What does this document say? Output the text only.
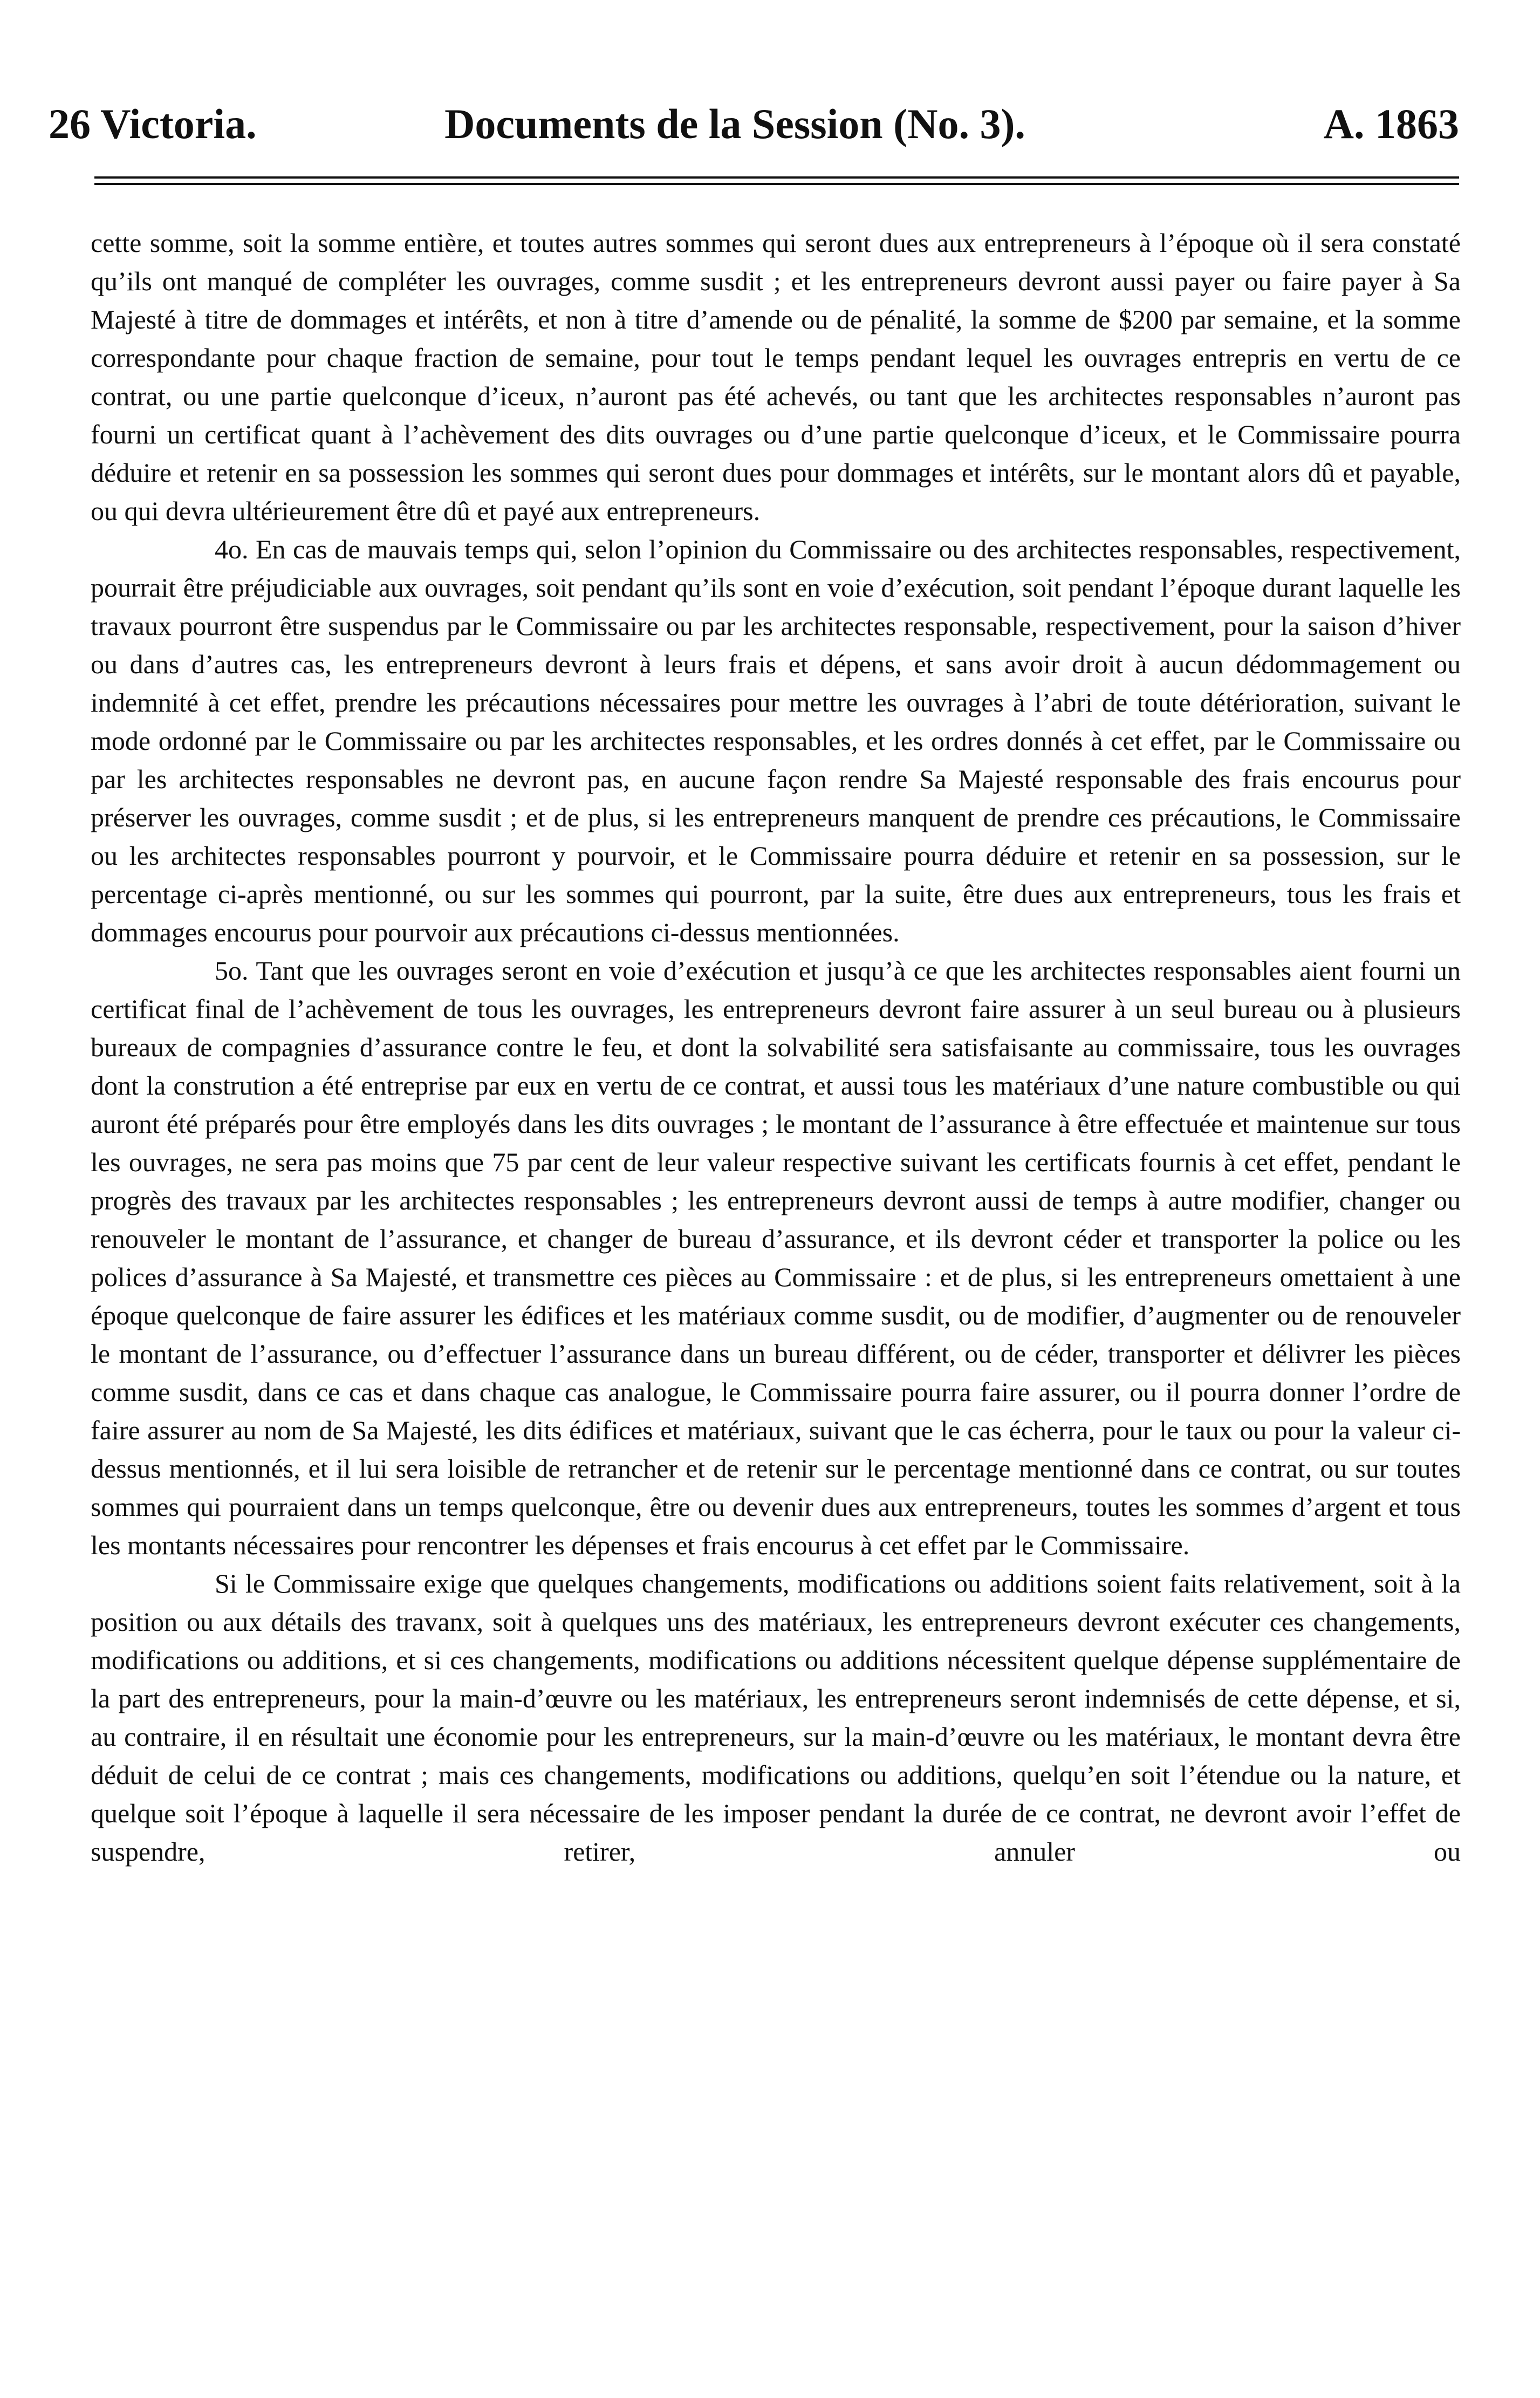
26 Victoria.	Documents de la Session (No. 3).	A. 1863

cette somme, soit la somme entière, et toutes autres sommes qui seront dues aux entrepreneurs à l’époque où il sera constaté qu’ils ont manqué de compléter les ouvrages, comme susdit ; et les entrepreneurs devront aussi payer ou faire payer à Sa Majesté à titre de dommages et intérêts, et non à titre d’amende ou de pénalité, la somme de $200 par semaine, et la somme correspondante pour chaque fraction de semaine, pour tout le temps pendant lequel les ouvrages entrepris en vertu de ce contrat, ou une partie quelconque d’iceux, n’auront pas été achevés, ou tant que les architectes responsables n’auront pas fourni un certificat quant à l’achèvement des dits ouvrages ou d’une partie quelconque d’iceux, et le Commissaire pourra déduire et retenir en sa possession les sommes qui seront dues pour dommages et intérêts, sur le montant alors dû et payable, ou qui devra ultérieurement être dû et payé aux entrepreneurs.

4o. En cas de mauvais temps qui, selon l’opinion du Commissaire ou des architectes responsables, respectivement, pourrait être préjudiciable aux ouvrages, soit pendant qu’ils sont en voie d’exécution, soit pendant l’époque durant laquelle les travaux pourront être suspendus par le Commissaire ou par les architectes responsable, respectivement, pour la saison d’hiver ou dans d’autres cas, les entrepreneurs devront à leurs frais et dépens, et sans avoir droit à aucun dédommagement ou indemnité à cet effet, prendre les précautions nécessaires pour mettre les ouvrages à l’abri de toute détérioration, suivant le mode ordonné par le Commissaire ou par les architectes responsables, et les ordres donnés à cet effet, par le Commissaire ou par les architectes responsables ne devront pas, en aucune façon rendre Sa Majesté responsable des frais encourus pour préserver les ouvrages, comme susdit ; et de plus, si les entrepreneurs manquent de prendre ces précautions, le Commissaire ou les architectes responsables pourront y pourvoir, et le Commissaire pourra déduire et retenir en sa possession, sur le percentage ci-après mentionné, ou sur les sommes qui pourront, par la suite, être dues aux entrepreneurs, tous les frais et dommages encourus pour pourvoir aux précautions ci-dessus mentionnées.

5o. Tant que les ouvrages seront en voie d’exécution et jusqu’à ce que les architectes responsables aient fourni un certificat final de l’achèvement de tous les ouvrages, les entrepreneurs devront faire assurer à un seul bureau ou à plusieurs bureaux de compagnies d’assurance contre le feu, et dont la solvabilité sera satisfaisante au commissaire, tous les ouvrages dont la constrution a été entreprise par eux en vertu de ce contrat, et aussi tous les matériaux d’une nature combustible ou qui auront été préparés pour être employés dans les dits ouvrages ; le montant de l’assurance à être effectuée et maintenue sur tous les ouvrages, ne sera pas moins que 75 par cent de leur valeur respective suivant les certificats fournis à cet effet, pendant le progrès des travaux par les architectes responsables ; les entrepreneurs devront aussi de temps à autre modifier, changer ou renouveler le montant de l’assurance, et changer de bureau d’assurance, et ils devront céder et transporter la police ou les polices d’assurance à Sa Majesté, et transmettre ces pièces au Commissaire : et de plus, si les entrepreneurs omettaient à une époque quelconque de faire assurer les édifices et les matériaux comme susdit, ou de modifier, d’augmenter ou de renouveler le montant de l’assurance, ou d’effectuer l’assurance dans un bureau différent, ou de céder, transporter et délivrer les pièces comme susdit, dans ce cas et dans chaque cas analogue, le Commissaire pourra faire assurer, ou il pourra donner l’ordre de faire assurer au nom de Sa Majesté, les dits édifices et matériaux, suivant que le cas écherra, pour le taux ou pour la valeur ci-dessus mentionnés, et il lui sera loisible de retrancher et de retenir sur le percentage mentionné dans ce contrat, ou sur toutes sommes qui pourraient dans un temps quelconque, être ou devenir dues aux entrepreneurs, toutes les sommes d’argent et tous les montants nécessaires pour rencontrer les dépenses et frais encourus à cet effet par le Commissaire.

Si le Commissaire exige que quelques changements, modifications ou additions soient faits relativement, soit à la position ou aux détails des travanx, soit à quelques uns des matériaux, les entrepreneurs devront exécuter ces changements, modifications ou additions, et si ces changements, modifications ou additions nécessitent quelque dépense supplémentaire de la part des entrepreneurs, pour la main-d’œuvre ou les matériaux, les entrepreneurs seront indemnisés de cette dépense, et si, au contraire, il en résultait une économie pour les entrepreneurs, sur la main-d’œuvre ou les matériaux, le montant devra être déduit de celui de ce contrat ; mais ces changements, modifications ou additions, quelqu’en soit l’étendue ou la nature, et quelque soit l’époque à laquelle il sera nécessaire de les imposer pendant la durée de ce contrat, ne devront avoir l’effet de suspendre, retirer, annuler ou
